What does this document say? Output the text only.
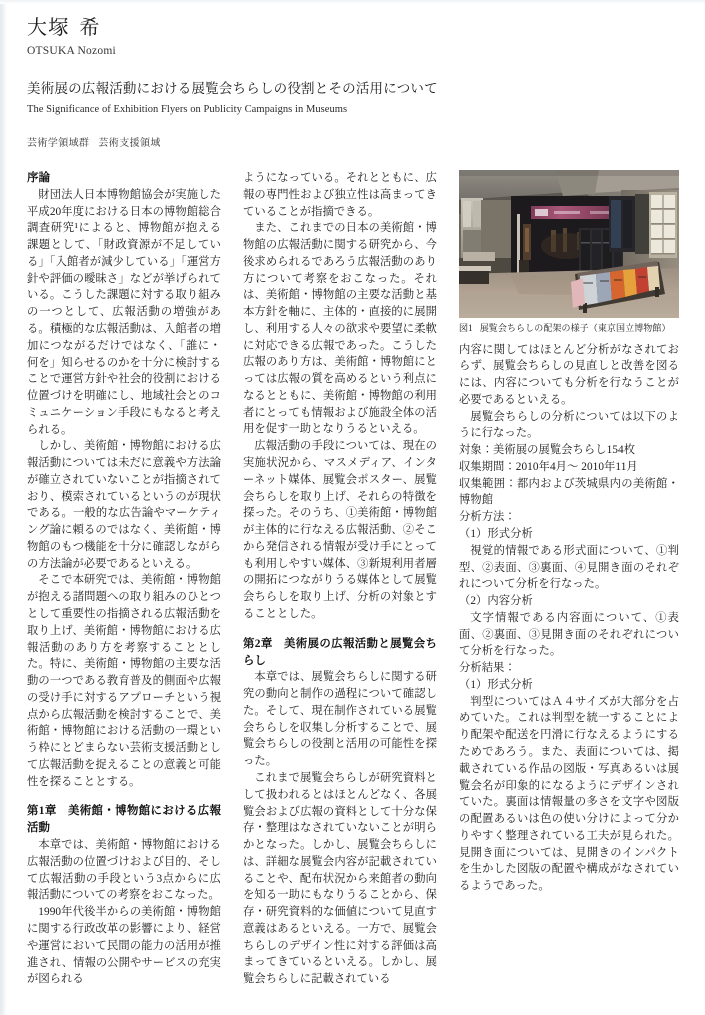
大塚 希
OTSUKA Nozomi
美術展の広報活動における展覧会ちらしの役割とその活用について
The Significance of Exhibition Flyers on Publicity Campaigns in Museums
芸術学領域群 芸術支援領域
序論

財団法人日本博物館協会が実施した平成20年度における日本の博物館総合調査研究¹によると、博物館が抱える課題として、「財政資源が不足している」「入館者が減少している」「運営方針や評価の曖昧さ」などが挙げられている。こうした課題に対する取り組みの一つとして、広報活動の増強がある。積極的な広報活動は、入館者の増加につながるだけではなく、「誰に・何を」知らせるのかを十分に検討することで運営方針や社会的役割における位置づけを明確にし、地域社会とのコミュニケーション手段にもなると考えられる。

しかし、美術館・博物館における広報活動については未だに意義や方法論が確立されていないことが指摘されており、模索されているというのが現状である。一般的な広告論やマーケティング論に頼るのではなく、美術館・博物館のもつ機能を十分に確認しながらの方法論が必要であるといえる。

そこで本研究では、美術館・博物館が抱える諸問題への取り組みのひとつとして重要性の指摘される広報活動を取り上げ、美術館・博物館における広報活動のあり方を考察することとした。特に、美術館・博物館の主要な活動の一つである教育普及的側面や広報の受け手に対するアプローチという視点から広報活動を検討することで、美術館・博物館における活動の一環という枠にとどまらない芸術支援活動として広報活動を捉えることの意義と可能性を探ることとする。

第1章 美術館・博物館における広報活動

本章では、美術館・博物館における広報活動の位置づけおよび目的、そして広報活動の手段という3点からに広報活動についての考察をおこなった。

1990年代後半からの美術館・博物館に関する行政改革の影響により、経営や運営において民間の能力の活用が推進され、情報の公開やサービスの充実が図られる

ようになっている。それとともに、広報の専門性および独立性は高まってきていることが指摘できる。

また、これまでの日本の美術館・博物館の広報活動に関する研究から、今後求められるであろう広報活動のあり方について考察をおこなった。それは、美術館・博物館の主要な活動と基本方針を軸に、主体的・直接的に展開し、利用する人々の欲求や要望に柔軟に対応できる広報であった。こうした広報のあり方は、美術館・博物館にとっては広報の質を高めるという利点になるとともに、美術館・博物館の利用者にとっても情報および施設全体の活用を促す一助となりうるといえる。

広報活動の手段については、現在の実施状況から、マスメディア、インターネット媒体、展覧会ポスター、展覧会ちらしを取り上げ、それらの特徴を探った。そのうち、①美術館・博物館が主体的に行なえる広報活動、②そこから発信される情報が受け手にとっても利用しやすい媒体、③新規利用者層の開拓につながりうる媒体として展覧会ちらしを取り上げ、分析の対象とすることとした。

第2章 美術展の広報活動と展覧会ちらし

本章では、展覧会ちらしに関する研究の動向と制作の過程について確認した。そして、現在制作されている展覧会ちらしを収集し分析することで、展覧会ちらしの役割と活用の可能性を探った。

これまで展覧会ちらしが研究資料として扱われるとはほとんどなく、各展覧会および広報の資料として十分な保存・整理はなされていないことが明らかとなった。しかし、展覧会ちらしには、詳細な展覧会内容が記載されていることや、配布状況から来館者の動向を知る一助にもなりうることから、保存・研究資料的な価値について見直す意義はあるといえる。一方で、展覧会ちらしのデザイン性に対する評価は高まってきているといえる。しかし、展覧会ちらしに記載されている

図1 展覧会ちらしの配架の様子（東京国立博物館）

内容に関してはほとんど分析がなされておらず、展覧会ちらしの見直しと改善を図るには、内容についても分析を行なうことが必要であるといえる。

展覧会ちらしの分析については以下のように行なった。

対象：美術展の展覧会ちらし154枚

収集期間：2010年4月〜 2010年11月

収集範囲：都内および茨城県内の美術館・博物館

分析方法：

（1）形式分析

視覚的情報である形式面について、①判型、②表面、③裏面、④見開き面のそれぞれについて分析を行なった。

（2）内容分析

文字情報である内容面について、①表面、②裏面、③見開き面のそれぞれについて分析を行なった。

分析結果：

（1）形式分析

判型についてはＡ４サイズが大部分を占めていた。これは判型を統一することにより配架や配送を円滑に行なえるようにするためであろう。また、表面については、掲載されている作品の図版・写真あるいは展覧会名が印象的になるようにデザインされていた。裏面は情報量の多さを文字や図版の配置あるいは色の使い分けによって分かりやすく整理されている工夫が見られた。見開き面については、見開きのインパクトを生かした図版の配置や構成がなされているようであった。
